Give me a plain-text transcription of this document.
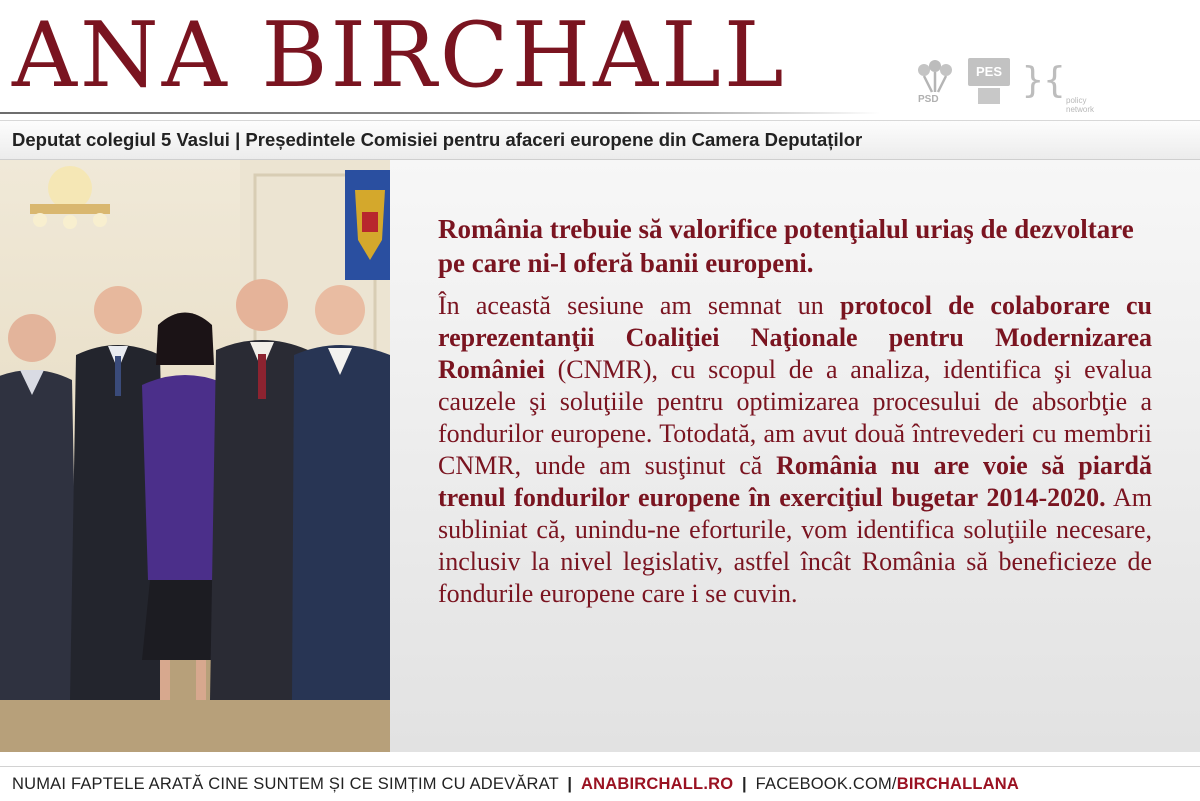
ANA BIRCHALL	PSD
PES }{ policy network
Deputat colegiul 5 Vaslui | Președintele Comisiei pentru afaceri europene din Camera Deputaților

România trebuie să valorifice potenţialul uriaş de dezvoltare pe care ni-l oferă banii europeni.

În această sesiune am semnat un protocol de colaborare cu reprezentanţii Coaliţiei Naţionale pentru Modernizarea României (CNMR), cu scopul de a analiza, identifica şi evalua cauzele şi soluţiile pentru optimizarea procesului de absorbţie a fondurilor europene. Totodată, am avut două întrevederi cu membrii CNMR, unde am susţinut că România nu are voie să piardă trenul fondurilor europene în exerciţiul bugetar 2014-2020. Am subliniat că, unindu-ne eforturile, vom identifica soluţiile necesare, inclusiv la nivel legislativ, astfel încât România să beneficieze de fondurile europene care i se cuvin.

NUMAI FAPTELE ARATĂ CINE SUNTEM ȘI CE SIMȚIM CU ADEVĂRAT | ANABIRCHALL.RO | FACEBOOK.COM/BIRCHALLANA
